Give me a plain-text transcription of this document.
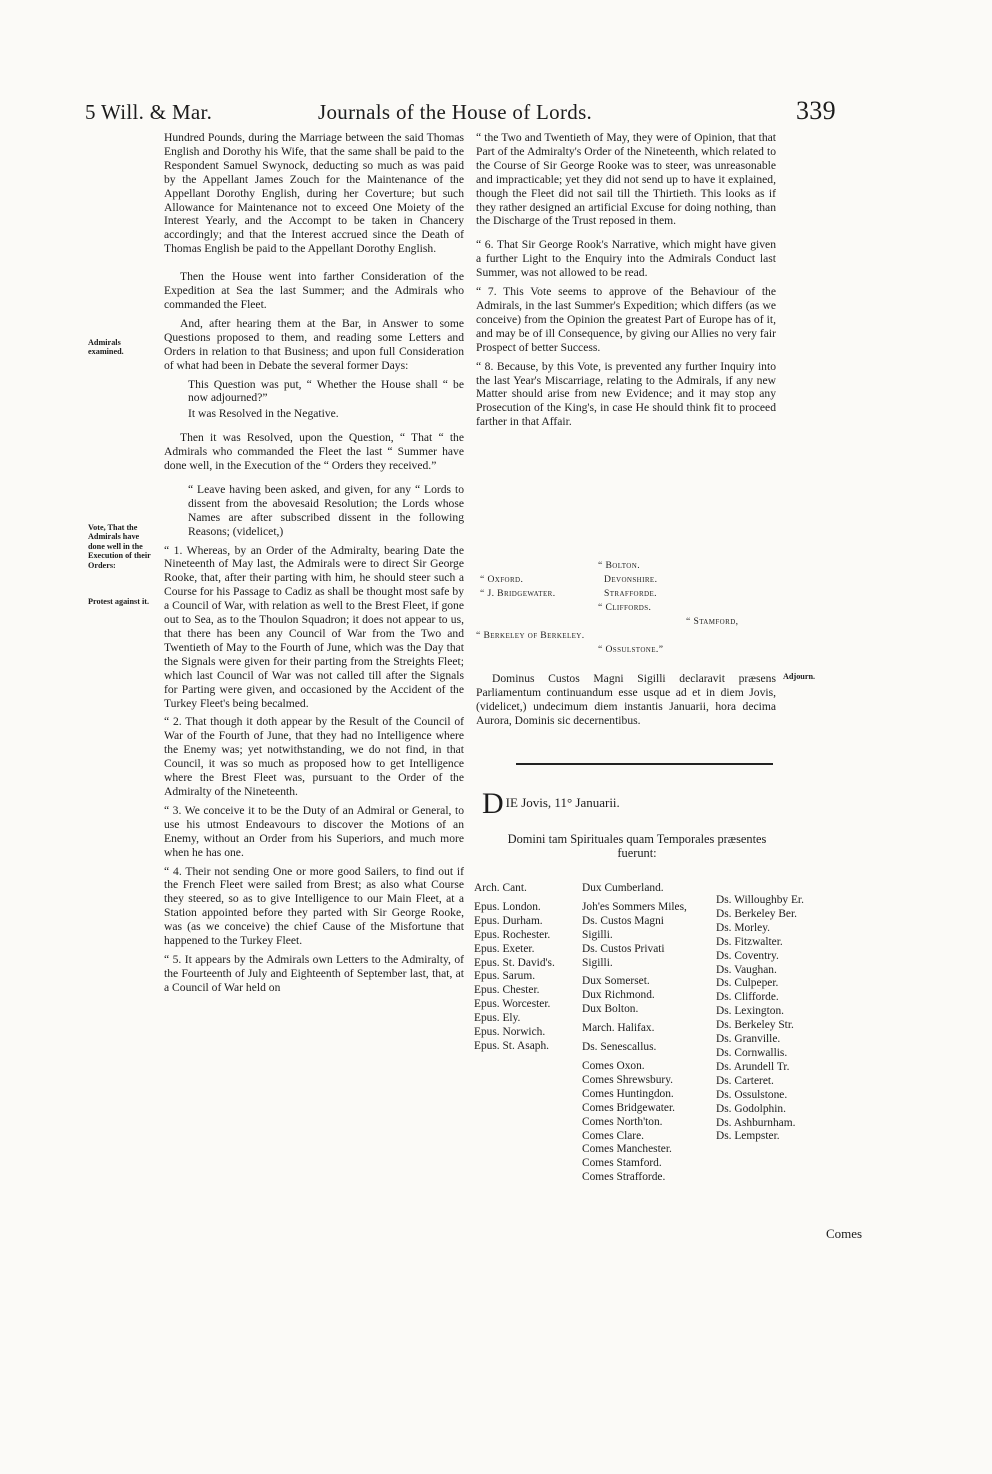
5 Will. & Mar.	Journals of the House of Lords.	339
Admirals examined.
Vote, That the Admirals have done well in the Execution of their Orders:
Protest against it.
Adjourn.

Hundred Pounds, during the Marriage between the said Thomas English and Dorothy his Wife, that the same shall be paid to the Respondent Samuel Swynock, deducting so much as was paid by the Appellant James Zouch for the Maintenance of the Appellant Dorothy English, during her Coverture; but such Allowance for Maintenance not to exceed One Moiety of the Interest Yearly, and the Accompt to be taken in Chancery accordingly; and that the Interest accrued since the Death of Thomas English be paid to the Appellant Dorothy English.

Then the House went into farther Consideration of the Expedition at Sea the last Summer; and the Admirals who commanded the Fleet.

And, after hearing them at the Bar, in Answer to some Questions proposed to them, and reading some Letters and Orders in relation to that Business; and upon full Consideration of what had been in Debate the several former Days:

This Question was put, “ Whether the House shall “ be now adjourned?”

It was Resolved in the Negative.

Then it was Resolved, upon the Question, “ That “ the Admirals who commanded the Fleet the last “ Summer have done well, in the Execution of the “ Orders they received.”

“ Leave having been asked, and given, for any “ Lords to dissent from the abovesaid Resolution; the Lords whose Names are after subscribed dissent in the following Reasons; (videlicet,)

“ 1. Whereas, by an Order of the Admiralty, bearing Date the Nineteenth of May last, the Admirals were to direct Sir George Rooke, that, after their parting with him, he should steer such a Course for his Passage to Cadiz as shall be thought most safe by a Council of War, with relation as well to the Brest Fleet, if gone out to Sea, as to the Thoulon Squadron; it does not appear to us, that there has been any Council of War from the Two and Twentieth of May to the Fourth of June, which was the Day that the Signals were given for their parting from the Streights Fleet; which last Council of War was not called till after the Signals for Parting were given, and occasioned by the Accident of the Turkey Fleet's being becalmed.

“ 2. That though it doth appear by the Result of the Council of War of the Fourth of June, that they had no Intelligence where the Enemy was; yet notwithstanding, we do not find, in that Council, it was so much as proposed how to get Intelligence where the Brest Fleet was, pursuant to the Order of the Admiralty of the Nineteenth.

“ 3. We conceive it to be the Duty of an Admiral or General, to use his utmost Endeavours to discover the Motions of an Enemy, without an Order from his Superiors, and much more when he has one.

“ 4. Their not sending One or more good Sailers, to find out if the French Fleet were sailed from Brest; as also what Course they steered, so as to give Intelligence to our Main Fleet, at a Station appointed before they parted with Sir George Rooke, was (as we conceive) the chief Cause of the Misfortune that happened to the Turkey Fleet.

“ 5. It appears by the Admirals own Letters to the Admiralty, of the Fourteenth of July and Eighteenth of September last, that, at a Council of War held on

“ the Two and Twentieth of May, they were of Opinion, that that Part of the Admiralty's Order of the Nineteenth, which related to the Course of Sir George Rooke was to steer, was unreasonable and impracticable; yet they did not send up to have it explained, though the Fleet did not sail till the Thirtieth. This looks as if they rather designed an artificial Excuse for doing nothing, than the Discharge of the Trust reposed in them.

“ 6. That Sir George Rook's Narrative, which might have given a further Light to the Enquiry into the Admirals Conduct last Summer, was not allowed to be read.

“ 7. This Vote seems to approve of the Behaviour of the Admirals, in the last Summer's Expedition; which differs (as we conceive) from the Opinion the greatest Part of Europe has of it, and may be of ill Consequence, by giving our Allies no very fair Prospect of better Success.

“ 8. Because, by this Vote, is prevented any further Inquiry into the last Year's Miscarriage, relating to the Admirals, if any new Matter should arise from new Evidence; and it may stop any Prosecution of the King's, in case He should think fit to proceed farther in that Affair.

“ Bolton.
“ Oxford.	Devonshire.
“ J. Bridgewater.	Strafforde.
“ Cliffords.
“ Stamford,
“ Berkeley of Berkeley.
“ Ossulstone.”

Dominus Custos Magni Sigilli declaravit præsens Parliamentum continuandum esse usque ad et in diem Jovis, (videlicet,) undecimum diem instantis Januarii, hora decima Aurora, Dominis sic decernentibus.

D IE Jovis, 11° Januarii.
Domini tam Spirituales quam Temporales præsentes fuerunt:
Arch. Cant.
Epus. London.
Epus. Durham.
Epus. Rochester.
Epus. Exeter.
Epus. St. David's.
Epus. Sarum.
Epus. Chester.
Epus. Worcester.
Epus. Ely.
Epus. Norwich.
Epus. St. Asaph.
Dux Cumberland.
Joh'es Sommers Miles,
Ds. Custos Magni
Sigilli.
Ds. Custos Privati
Sigilli.
Dux Somerset.
Dux Richmond.
Dux Bolton.
March. Halifax.
Ds. Senescallus.
Comes Oxon.
Comes Shrewsbury.
Comes Huntingdon.
Comes Bridgewater.
Comes North'ton.
Comes Clare.
Comes Manchester.
Comes Stamford.
Comes Strafforde.
Ds. Willoughby Er.
Ds. Berkeley Ber.
Ds. Morley.
Ds. Fitzwalter.
Ds. Coventry.
Ds. Vaughan.
Ds. Culpeper.
Ds. Clifforde.
Ds. Lexington.
Ds. Berkeley Str.
Ds. Granville.
Ds. Cornwallis.
Ds. Arundell Tr.
Ds. Carteret.
Ds. Ossulstone.
Ds. Godolphin.
Ds. Ashburnham.
Ds. Lempster.
Comes
